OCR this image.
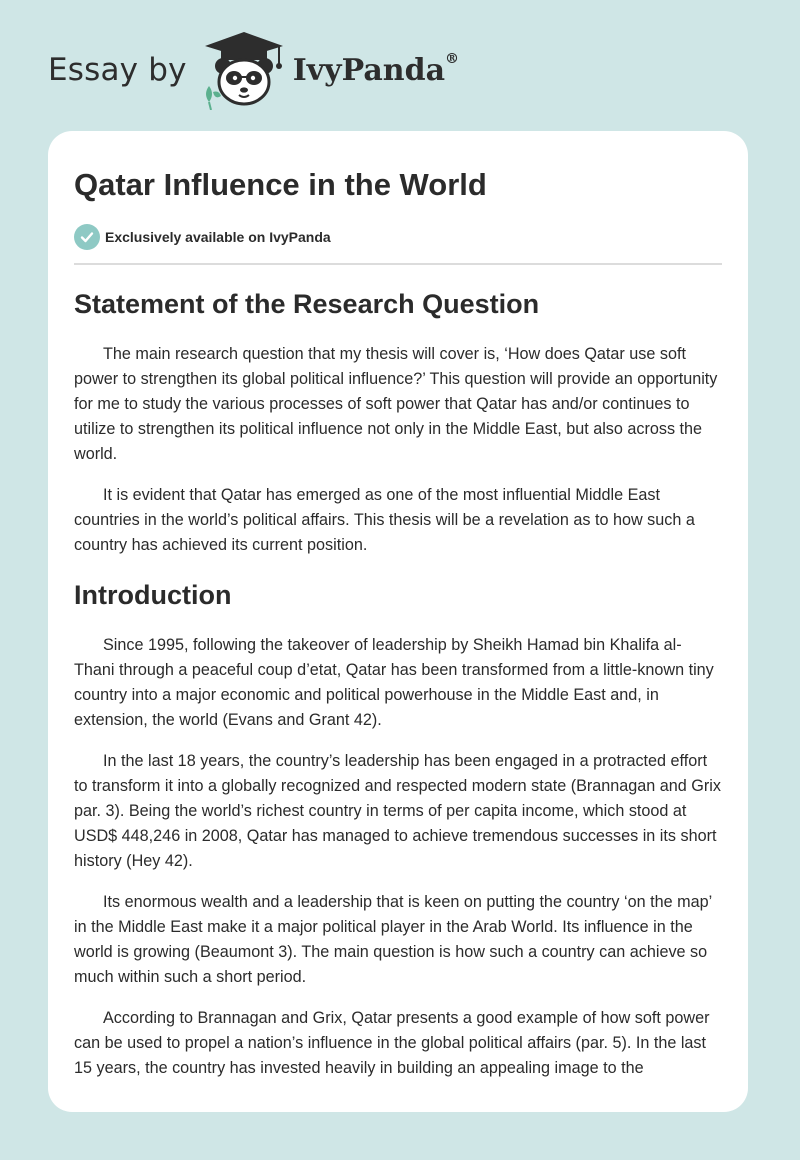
Essay by	IvyPanda®
Qatar Influence in the World
Exclusively available on IvyPanda
Statement of the Research Question

The main research question that my thesis will cover is, ‘How does Qatar use soft power to strengthen its global political influence?’ This question will provide an opportunity for me to study the various processes of soft power that Qatar has and/or continues to utilize to strengthen its political influence not only in the Middle East, but also across the world.

It is evident that Qatar has emerged as one of the most influential Middle East countries in the world’s political affairs. This thesis will be a revelation as to how such a country has achieved its current position.

Introduction

Since 1995, following the takeover of leadership by Sheikh Hamad bin Khalifa al-Thani through a peaceful coup d’etat, Qatar has been transformed from a little-known tiny country into a major economic and political powerhouse in the Middle East and, in extension, the world (Evans and Grant 42).

In the last 18 years, the country’s leadership has been engaged in a protracted effort to transform it into a globally recognized and respected modern state (Brannagan and Grix par. 3). Being the world’s richest country in terms of per capita income, which stood at USD$ 448,246 in 2008, Qatar has managed to achieve tremendous successes in its short history (Hey 42).

Its enormous wealth and a leadership that is keen on putting the country ‘on the map’ in the Middle East make it a major political player in the Arab World. Its influence in the world is growing (Beaumont 3). The main question is how such a country can achieve so much within such a short period.

According to Brannagan and Grix, Qatar presents a good example of how soft power can be used to propel a nation’s influence in the global political affairs (par. 5). In the last 15 years, the country has invested heavily in building an appealing image to the
